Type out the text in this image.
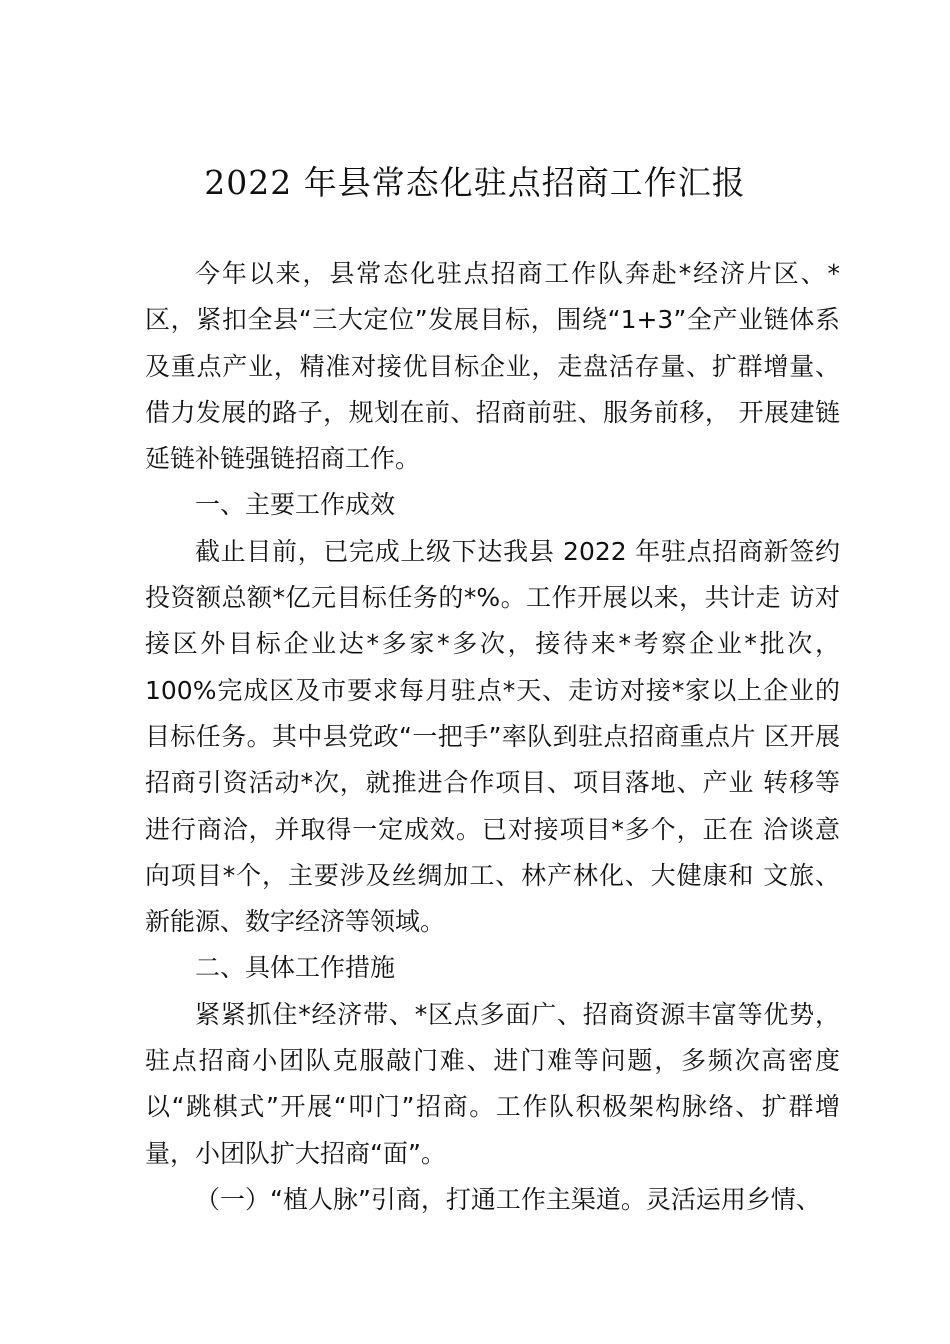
2022 年县常态化驻点招商工作汇报

今年以来，县常态化驻点招商工作队奔赴*经济片区、*区，紧扣全县“三大定位”发展目标，围绕“1+3”全产业链体系及重点产业，精准对接优目标企业，走盘活存量、扩群增量、借力发展的路子，规划在前、招商前驻、服务前移， 开展建链延链补链强链招商工作。

一、主要工作成效

截止目前，已完成上级下达我县 2022 年驻点招商新签约投资额总额*亿元目标任务的*%。工作开展以来，共计走 访对接区外目标企业达*多家*多次，接待来*考察企业*批次，100%完成区及市要求每月驻点*天、走访对接*家以上企业的目标任务。其中县党政“一把手”率队到驻点招商重点片 区开展招商引资活动*次，就推进合作项目、项目落地、产业 转移等进行商洽，并取得一定成效。已对接项目*多个，正在 洽谈意向项目*个，主要涉及丝绸加工、林产林化、大健康和 文旅、新能源、数字经济等领域。

二、具体工作措施

紧紧抓住*经济带、*区点多面广、招商资源丰富等优势，驻点招商小团队克服敲门难、进门难等问题，多频次高密度以“跳棋式”开展“叩门”招商。工作队积极架构脉络、扩群增量，小团队扩大招商“面”。

（一）“植人脉”引商，打通工作主渠道。灵活运用乡情、
